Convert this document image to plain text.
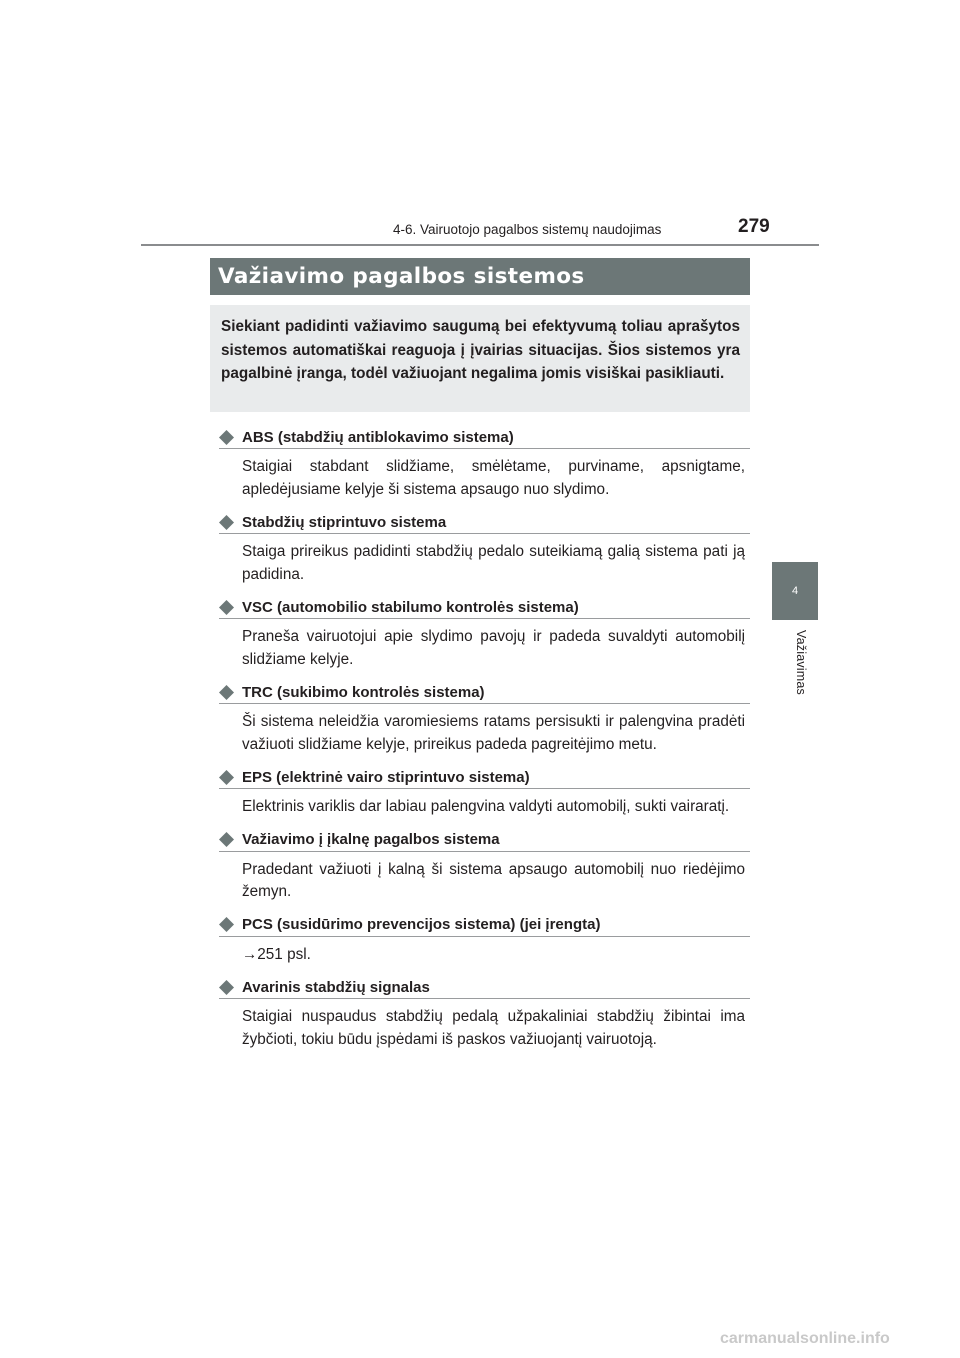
4-6. Vairuotojo pagalbos sistemų naudojimas	279
4
Važiavimas
Važiavimo pagalbos sistemos

Siekiant padidinti važiavimo saugumą bei efektyvumą toliau aprašytos sistemos automatiškai reaguoja į įvairias situacijas. Šios sistemos yra pagalbinė įranga, todėl važiuojant negalima jomis visiškai pasikliauti.

ABS (stabdžių antiblokavimo sistema)

Staigiai stabdant slidžiame, smėlėtame, purviname, apsnigtame, apledėjusiame kelyje ši sistema apsaugo nuo slydimo.

Stabdžių stiprintuvo sistema

Staiga prireikus padidinti stabdžių pedalo suteikiamą galią sistema pati ją padidina.

VSC (automobilio stabilumo kontrolės sistema)

Praneša vairuotojui apie slydimo pavojų ir padeda suvaldyti automobilį slidžiame kelyje.

TRC (sukibimo kontrolės sistema)

Ši sistema neleidžia varomiesiems ratams persisukti ir palengvina pradėti važiuoti slidžiame kelyje, prireikus padeda pagreitėjimo metu.

EPS (elektrinė vairo stiprintuvo sistema)

Elektrinis variklis dar labiau palengvina valdyti automobilį, sukti vairaratį.

Važiavimo į įkalnę pagalbos sistema

Pradedant važiuoti į kalną ši sistema apsaugo automobilį nuo riedėjimo žemyn.

PCS (susidūrimo prevencijos sistema) (jei įrengta)

→251 psl.

Avarinis stabdžių signalas

Staigiai nuspaudus stabdžių pedalą užpakaliniai stabdžių žibintai ima žybčioti, tokiu būdu įspėdami iš paskos važiuojantį vairuotoją.

carmanualsonline.info
